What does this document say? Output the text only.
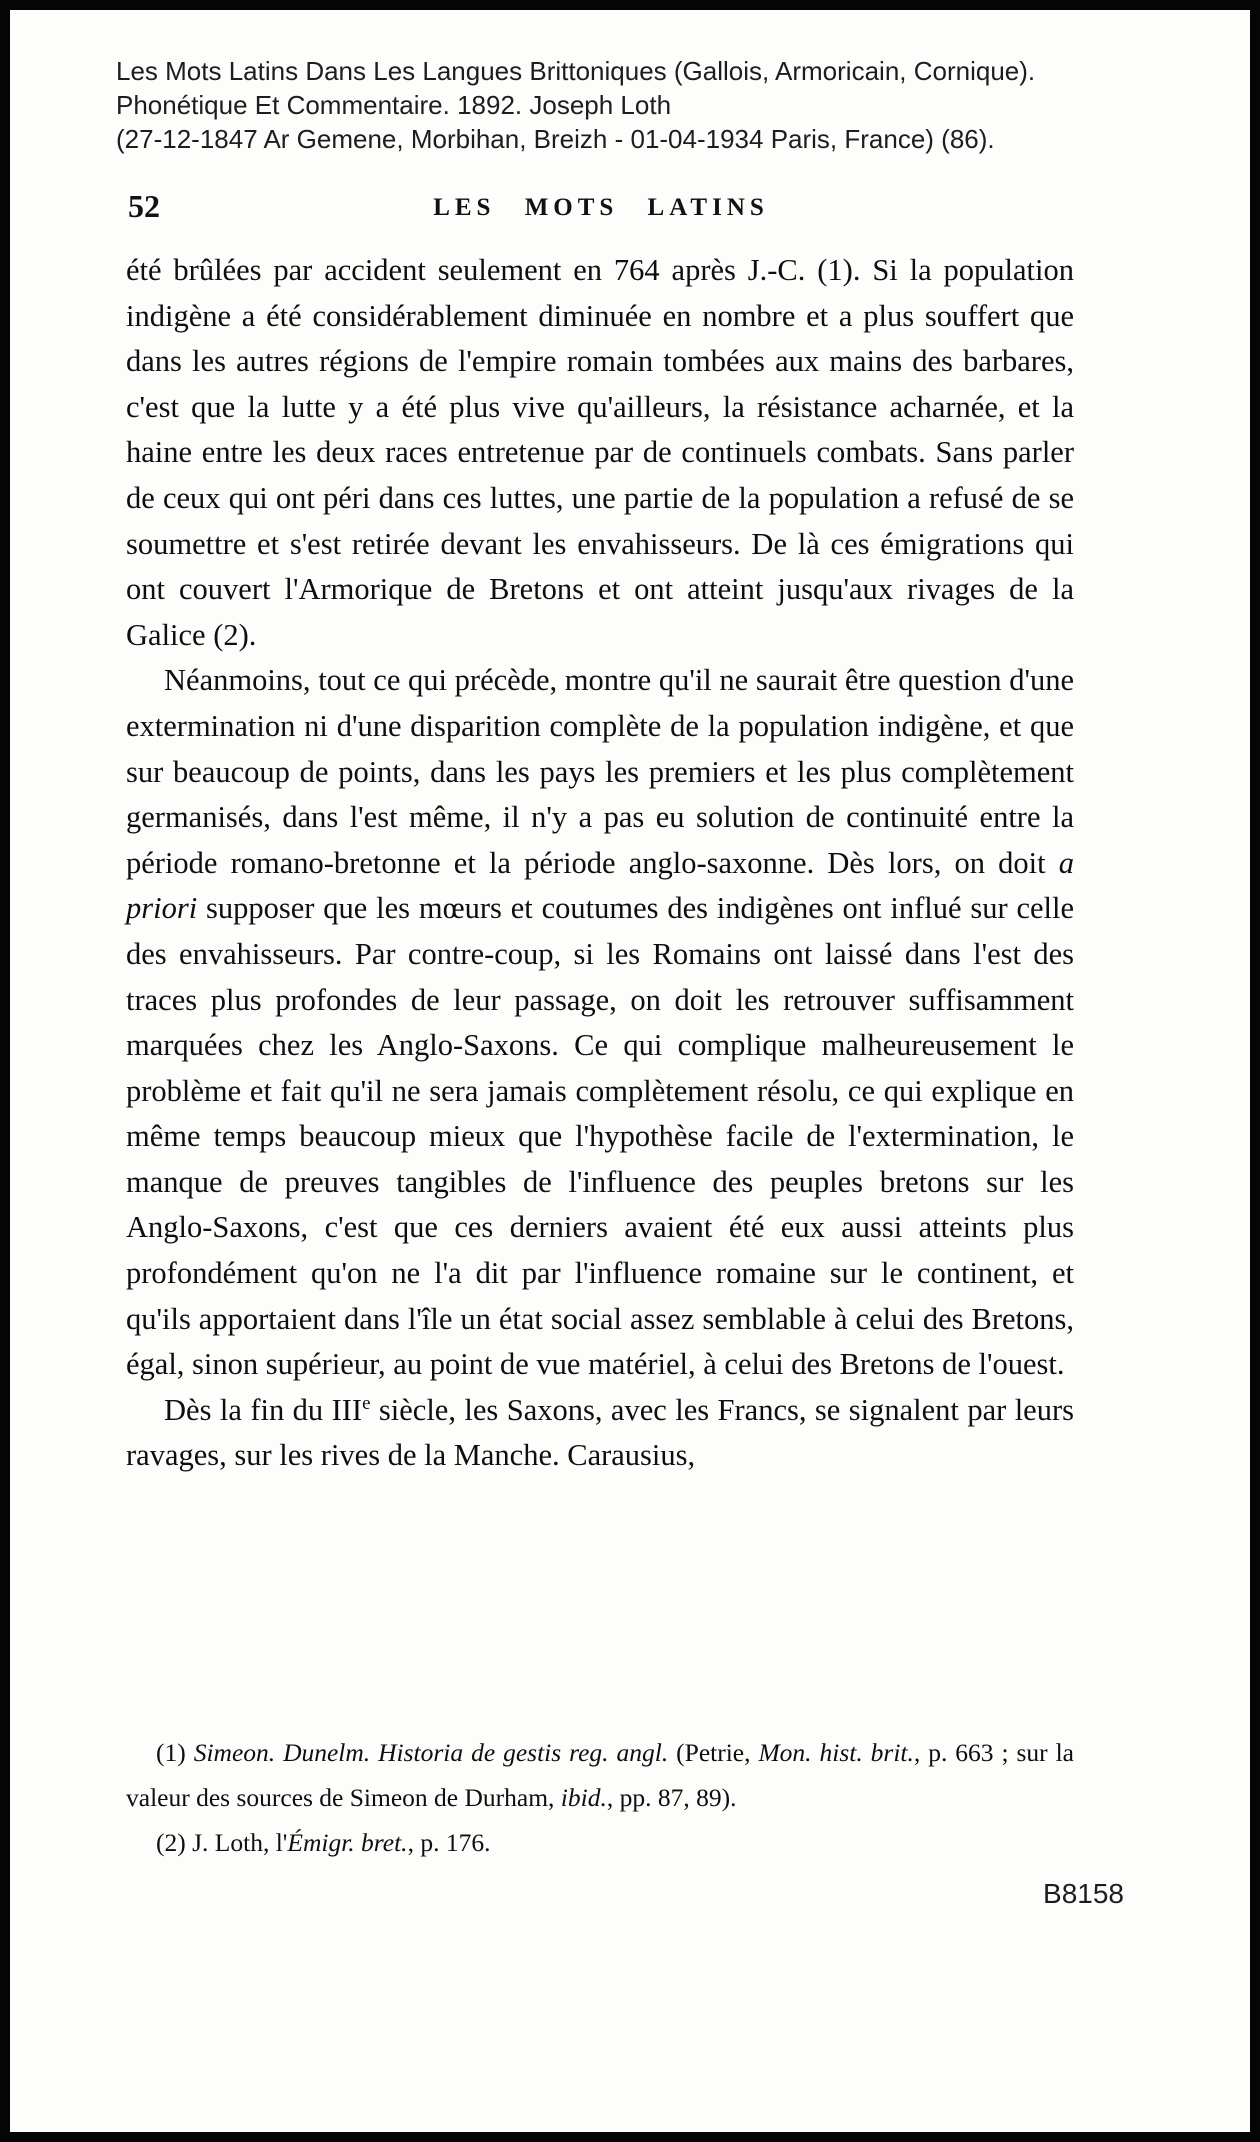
Les Mots Latins Dans Les Langues Brittoniques (Gallois, Armoricain, Cornique).
Phonétique Et Commentaire. 1892. Joseph Loth
(27-12-1847 Ar Gemene, Morbihan, Breizh - 01-04-1934 Paris, France) (86).
52	LES MOTS LATINS

été brûlées par accident seulement en 764 après J.-C. (1). Si la population indigène a été considérablement diminuée en nombre et a plus souffert que dans les autres régions de l'empire romain tombées aux mains des barbares, c'est que la lutte y a été plus vive qu'ailleurs, la résistance acharnée, et la haine entre les deux races entretenue par de continuels combats. Sans parler de ceux qui ont péri dans ces luttes, une partie de la population a refusé de se soumettre et s'est retirée devant les envahisseurs. De là ces émigrations qui ont couvert l'Armorique de Bretons et ont atteint jusqu'aux rivages de la Galice (2).

Néanmoins, tout ce qui précède, montre qu'il ne saurait être question d'une extermination ni d'une disparition complète de la population indigène, et que sur beaucoup de points, dans les pays les premiers et les plus complètement germanisés, dans l'est même, il n'y a pas eu solution de continuité entre la période romano-bretonne et la période anglo-saxonne. Dès lors, on doit a priori supposer que les mœurs et coutumes des indigènes ont influé sur celle des envahisseurs. Par contre-coup, si les Romains ont laissé dans l'est des traces plus profondes de leur passage, on doit les retrouver suffisamment marquées chez les Anglo-Saxons. Ce qui complique malheureusement le problème et fait qu'il ne sera jamais complètement résolu, ce qui explique en même temps beaucoup mieux que l'hypothèse facile de l'extermination, le manque de preuves tangibles de l'influence des peuples bretons sur les Anglo-Saxons, c'est que ces derniers avaient été eux aussi atteints plus profondément qu'on ne l'a dit par l'influence romaine sur le continent, et qu'ils apportaient dans l'île un état social assez semblable à celui des Bretons, égal, sinon supérieur, au point de vue matériel, à celui des Bretons de l'ouest.

Dès la fin du IIIe siècle, les Saxons, avec les Francs, se signalent par leurs ravages, sur les rives de la Manche. Carausius,

(1) Simeon. Dunelm. Historia de gestis reg. angl. (Petrie, Mon. hist. brit., p. 663 ; sur la valeur des sources de Simeon de Durham, ibid., pp. 87, 89).

(2) J. Loth, l'Émigr. bret., p. 176.

B8158
